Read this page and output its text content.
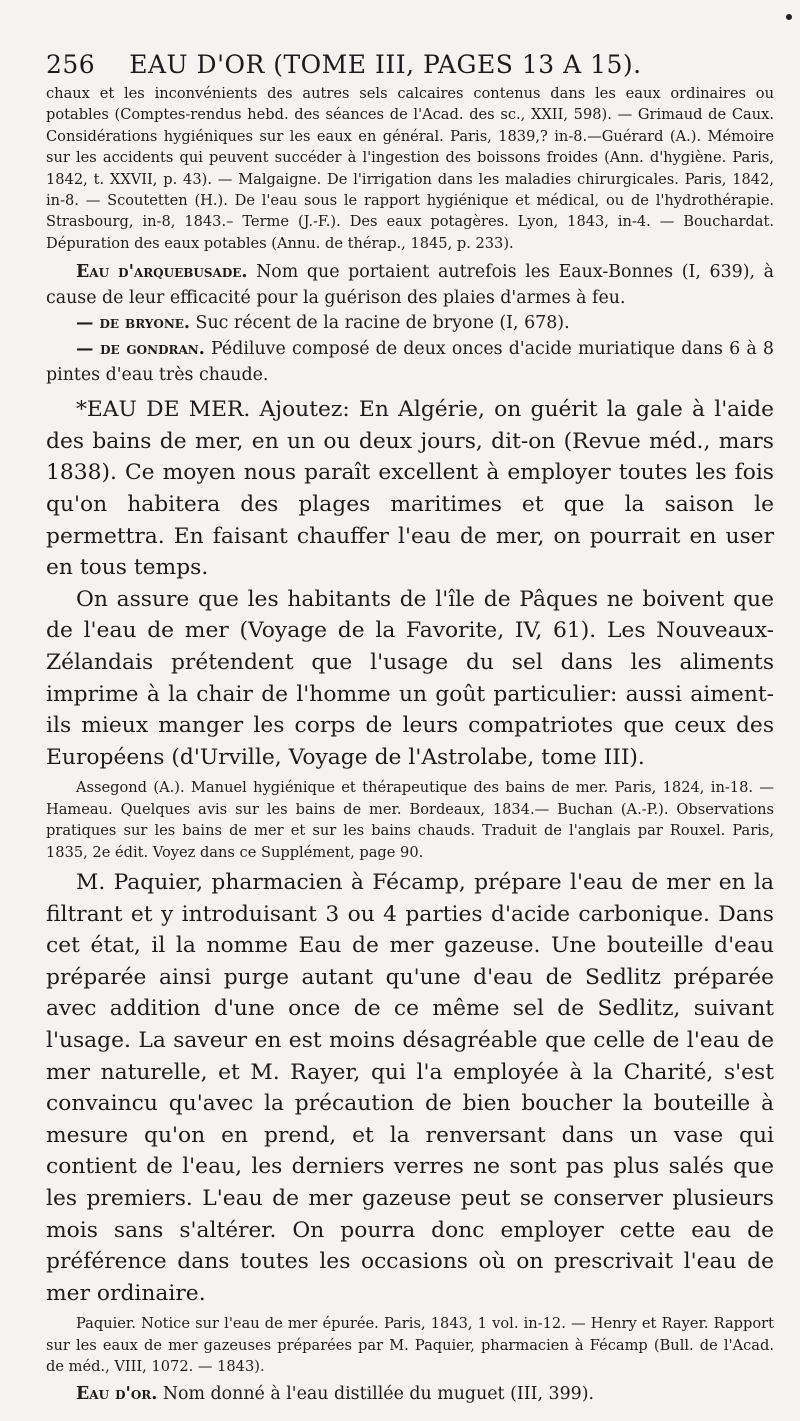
256 EAU D'OR (TOME III, PAGES 13 A 15).

chaux et les inconvénients des autres sels calcaires contenus dans les eaux ordinaires ou potables (Comptes-rendus hebd. des séances de l'Acad. des sc., XXII, 598). — Grimaud de Caux. Considérations hygiéniques sur les eaux en général. Paris, 1839,? in-8.—Guérard (A.). Mémoire sur les accidents qui peuvent succéder à l'ingestion des boissons froides (Ann. d'hygiène. Paris, 1842, t. XXVII, p. 43). — Malgaigne. De l'irrigation dans les maladies chirurgicales. Paris, 1842, in-8. — Scoutetten (H.). De l'eau sous le rapport hygiénique et médical, ou de l'hydrothérapie. Strasbourg, in-8, 1843.– Terme (J.-F.). Des eaux potagères. Lyon, 1843, in-4. — Bouchardat. Dépuration des eaux potables (Annu. de thérap., 1845, p. 233).

Eau d'arquebusade. Nom que portaient autrefois les Eaux-Bonnes (I, 639), à cause de leur efficacité pour la guérison des plaies d'armes à feu.

— de bryone. Suc récent de la racine de bryone (I, 678).

— de gondran. Pédiluve composé de deux onces d'acide muriatique dans 6 à 8 pintes d'eau très chaude.

*EAU DE MER. Ajoutez: En Algérie, on guérit la gale à l'aide des bains de mer, en un ou deux jours, dit-on (Revue méd., mars 1838). Ce moyen nous paraît excellent à employer toutes les fois qu'on habitera des plages maritimes et que la saison le permettra. En faisant chauffer l'eau de mer, on pourrait en user en tous temps.

On assure que les habitants de l'île de Pâques ne boivent que de l'eau de mer (Voyage de la Favorite, IV, 61). Les Nouveaux-Zélandais prétendent que l'usage du sel dans les aliments imprime à la chair de l'homme un goût particulier: aussi aiment-ils mieux manger les corps de leurs compatriotes que ceux des Européens (d'Urville, Voyage de l'Astrolabe, tome III).

Assegond (A.). Manuel hygiénique et thérapeutique des bains de mer. Paris, 1824, in-18. —Hameau. Quelques avis sur les bains de mer. Bordeaux, 1834.— Buchan (A.-P.). Observations pratiques sur les bains de mer et sur les bains chauds. Traduit de l'anglais par Rouxel. Paris, 1835, 2e édit. Voyez dans ce Supplément, page 90.

M. Paquier, pharmacien à Fécamp, prépare l'eau de mer en la filtrant et y introduisant 3 ou 4 parties d'acide carbonique. Dans cet état, il la nomme Eau de mer gazeuse. Une bouteille d'eau préparée ainsi purge autant qu'une d'eau de Sedlitz préparée avec addition d'une once de ce même sel de Sedlitz, suivant l'usage. La saveur en est moins désagréable que celle de l'eau de mer naturelle, et M. Rayer, qui l'a employée à la Charité, s'est convaincu qu'avec la précaution de bien boucher la bouteille à mesure qu'on en prend, et la renversant dans un vase qui contient de l'eau, les derniers verres ne sont pas plus salés que les premiers. L'eau de mer gazeuse peut se conserver plusieurs mois sans s'altérer. On pourra donc employer cette eau de préférence dans toutes les occasions où on prescrivait l'eau de mer ordinaire.

Paquier. Notice sur l'eau de mer épurée. Paris, 1843, 1 vol. in-12. — Henry et Rayer. Rapport sur les eaux de mer gazeuses préparées par M. Paquier, pharmacien à Fécamp (Bull. de l'Acad. de méd., VIII, 1072. — 1843).

Eau d'or. Nom donné à l'eau distillée du muguet (III, 399).
